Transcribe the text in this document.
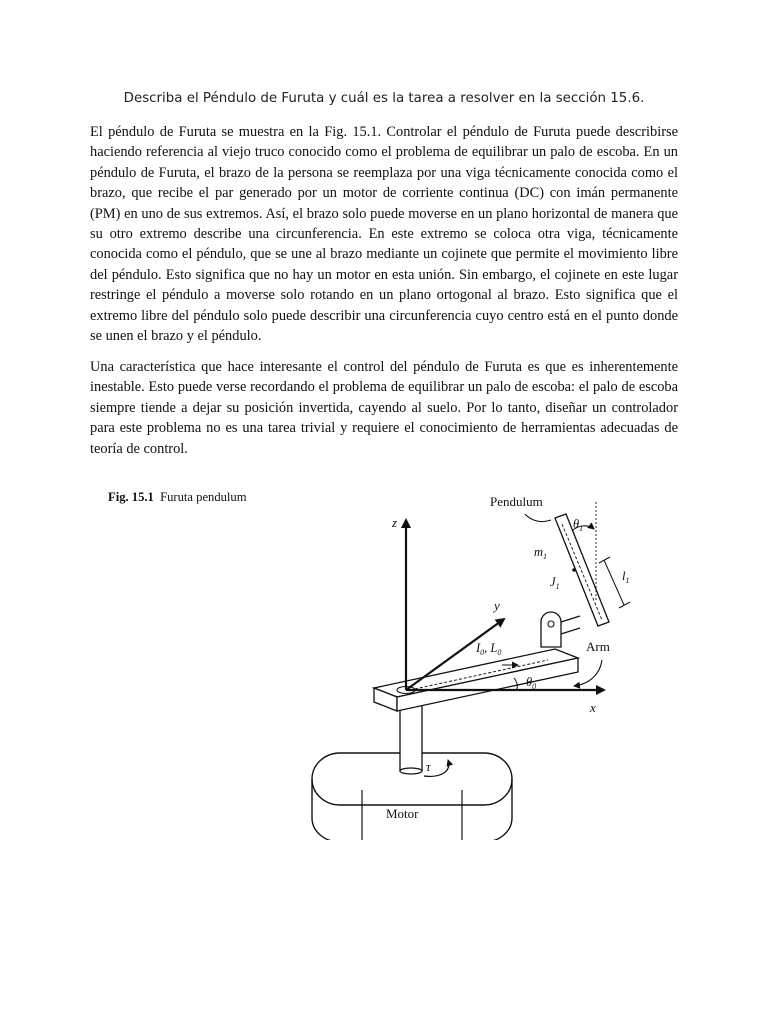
Describa el Péndulo de Furuta y cuál es la tarea a resolver en la sección 15.6.

El péndulo de Furuta se muestra en la Fig. 15.1. Controlar el péndulo de Furuta puede describirse haciendo referencia al viejo truco conocido como el problema de equilibrar un palo de escoba. En un péndulo de Furuta, el brazo de la persona se reemplaza por una viga técnicamente conocida como el brazo, que recibe el par generado por un motor de corriente continua (DC) con imán permanente (PM) en uno de sus extremos. Así, el brazo solo puede moverse en un plano horizontal de manera que su otro extremo describe una circunferencia. En este extremo se coloca otra viga, técnicamente conocida como el péndulo, que se une al brazo mediante un cojinete que permite el movimiento libre del péndulo. Esto significa que no hay un motor en esta unión. Sin embargo, el cojinete en este lugar restringe el péndulo a moverse solo rotando en un plano ortogonal al brazo. Esto significa que el extremo libre del péndulo solo puede describir una circunferencia cuyo centro está en el punto donde se unen el brazo y el péndulo.

Una característica que hace interesante el control del péndulo de Furuta es que es inherentemente inestable. Esto puede verse recordando el problema de equilibrar un palo de escoba: el palo de escoba siempre tiende a dejar su posición invertida, cayendo al suelo. Por lo tanto, diseñar un controlador para este problema no es una tarea trivial y requiere el conocimiento de herramientas adecuadas de teoría de control.

Fig. 15.1 Furuta pendulum

Motor
τ
$\theta_1$
Pendulum
$m_1$
$J_1$
$l_1$
z
y
x
$I_0$, $L_0$
$\theta_0$
Arm
